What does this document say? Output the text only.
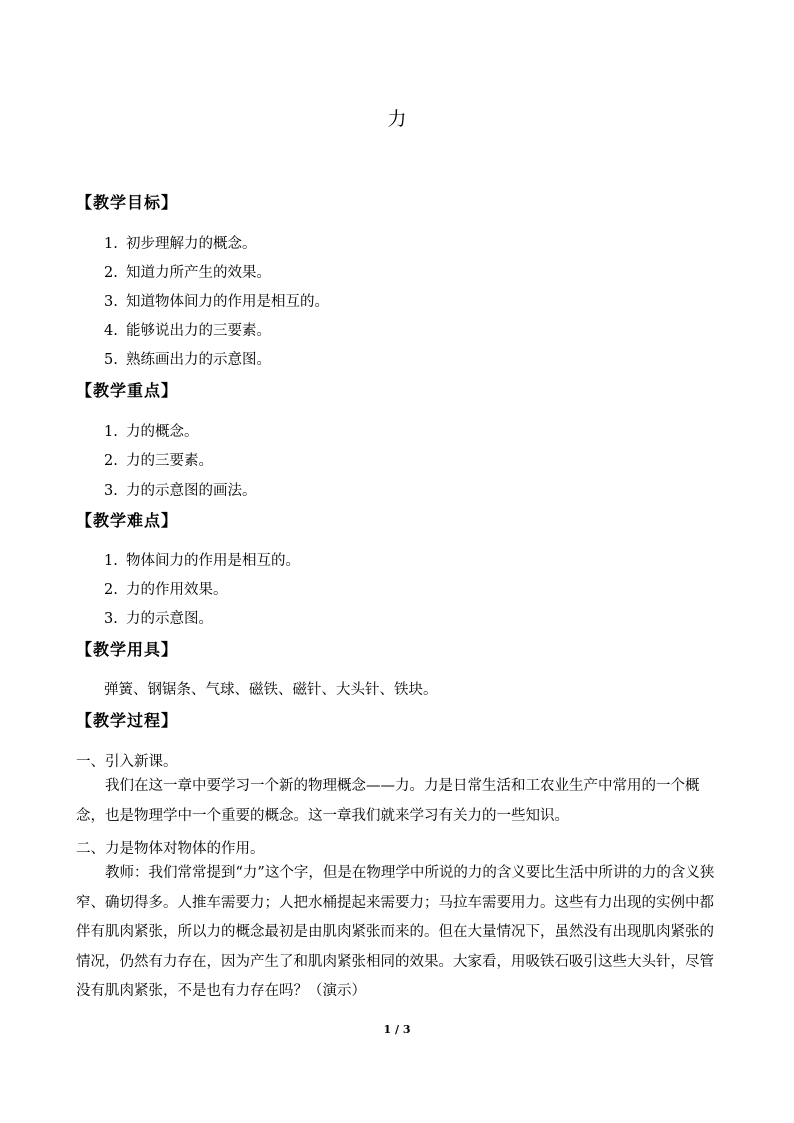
力
【教学目标】
1. 初步理解力的概念。
2. 知道力所产生的效果。
3. 知道物体间力的作用是相互的。
4. 能够说出力的三要素。
5. 熟练画出力的示意图。
【教学重点】
1. 力的概念。
2. 力的三要素。
3. 力的示意图的画法。
【教学难点】
1. 物体间力的作用是相互的。
2. 力的作用效果。
3. 力的示意图。
【教学用具】
弹簧、钢锯条、气球、磁铁、磁针、大头针、铁块。
【教学过程】
一、引入新课。
我们在这一章中要学习一个新的物理概念——力。力是日常生活和工农业生产中常用的一个概念，也是物理学中一个重要的概念。这一章我们就来学习有关力的一些知识。
二、力是物体对物体的作用。
教师：我们常常提到“力”这个字，但是在物理学中所说的力的含义要比生活中所讲的力的含义狭窄、确切得多。人推车需要力；人把水桶提起来需要力；马拉车需要用力。这些有力出现的实例中都伴有肌肉紧张，所以力的概念最初是由肌肉紧张而来的。但在大量情况下，虽然没有出现肌肉紧张的情况，仍然有力存在，因为产生了和肌肉紧张相同的效果。大家看，用吸铁石吸引这些大头针，尽管没有肌肉紧张，不是也有力存在吗？（演示）
1 / 3
